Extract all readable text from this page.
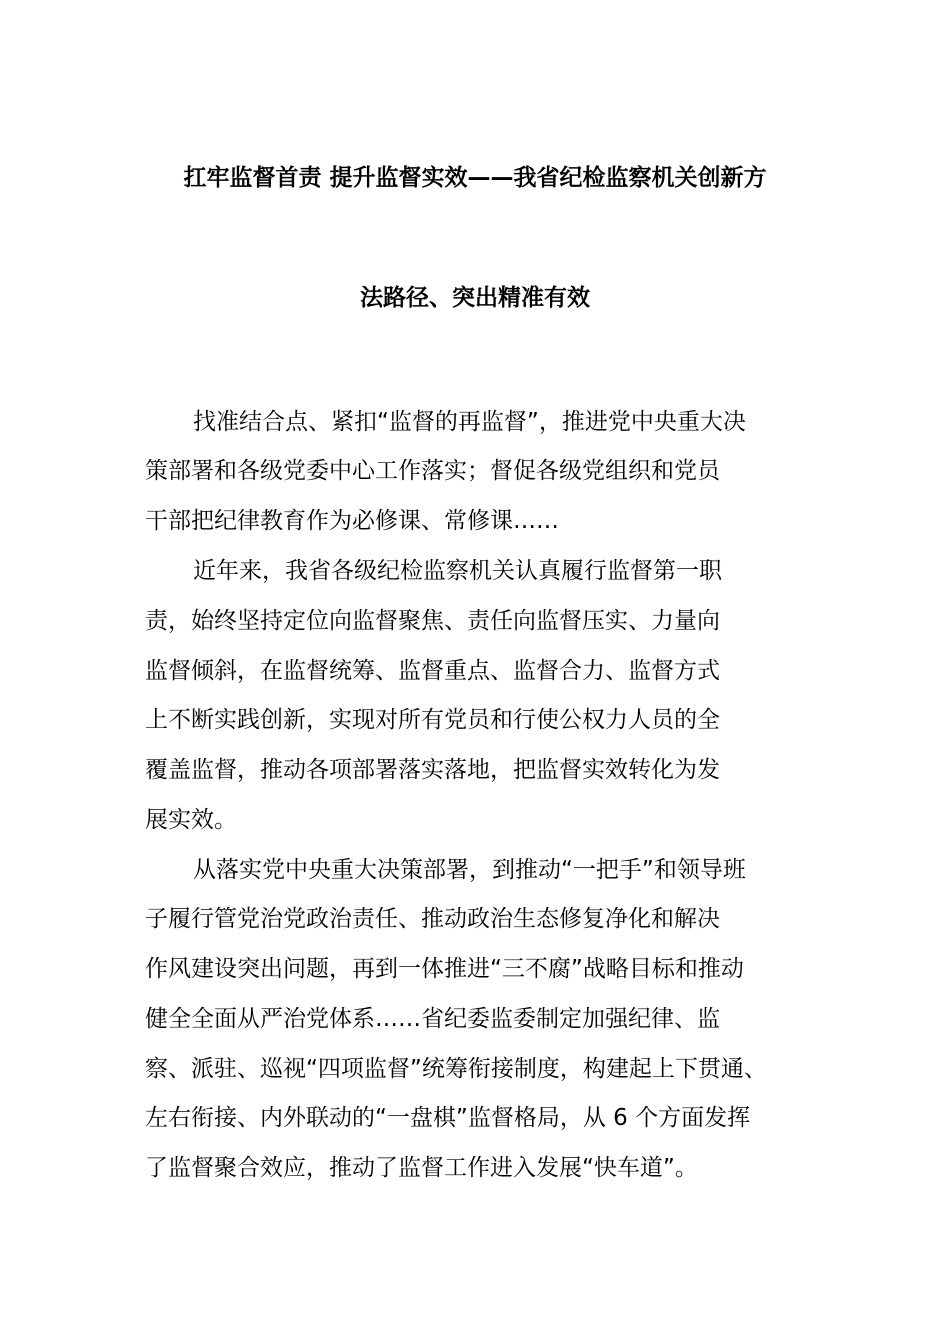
扛牢监督首责 提升监督实效——我省纪检监察机关创新方
法路径、突出精准有效
找准结合点、紧扣“监督的再监督”，推进党中央重大决
策部署和各级党委中心工作落实；督促各级党组织和党员
干部把纪律教育作为必修课、常修课……
近年来，我省各级纪检监察机关认真履行监督第一职
责，始终坚持定位向监督聚焦、责任向监督压实、力量向
监督倾斜，在监督统筹、监督重点、监督合力、监督方式
上不断实践创新，实现对所有党员和行使公权力人员的全
覆盖监督，推动各项部署落实落地，把监督实效转化为发
展实效。
从落实党中央重大决策部署，到推动“一把手”和领导班
子履行管党治党政治责任、推动政治生态修复净化和解决
作风建设突出问题，再到一体推进“三不腐”战略目标和推动
健全全面从严治党体系……省纪委监委制定加强纪律、监
察、派驻、巡视“四项监督”统筹衔接制度，构建起上下贯通、
左右衔接、内外联动的“一盘棋”监督格局，从 6 个方面发挥
了监督聚合效应，推动了监督工作进入发展“快车道”。
